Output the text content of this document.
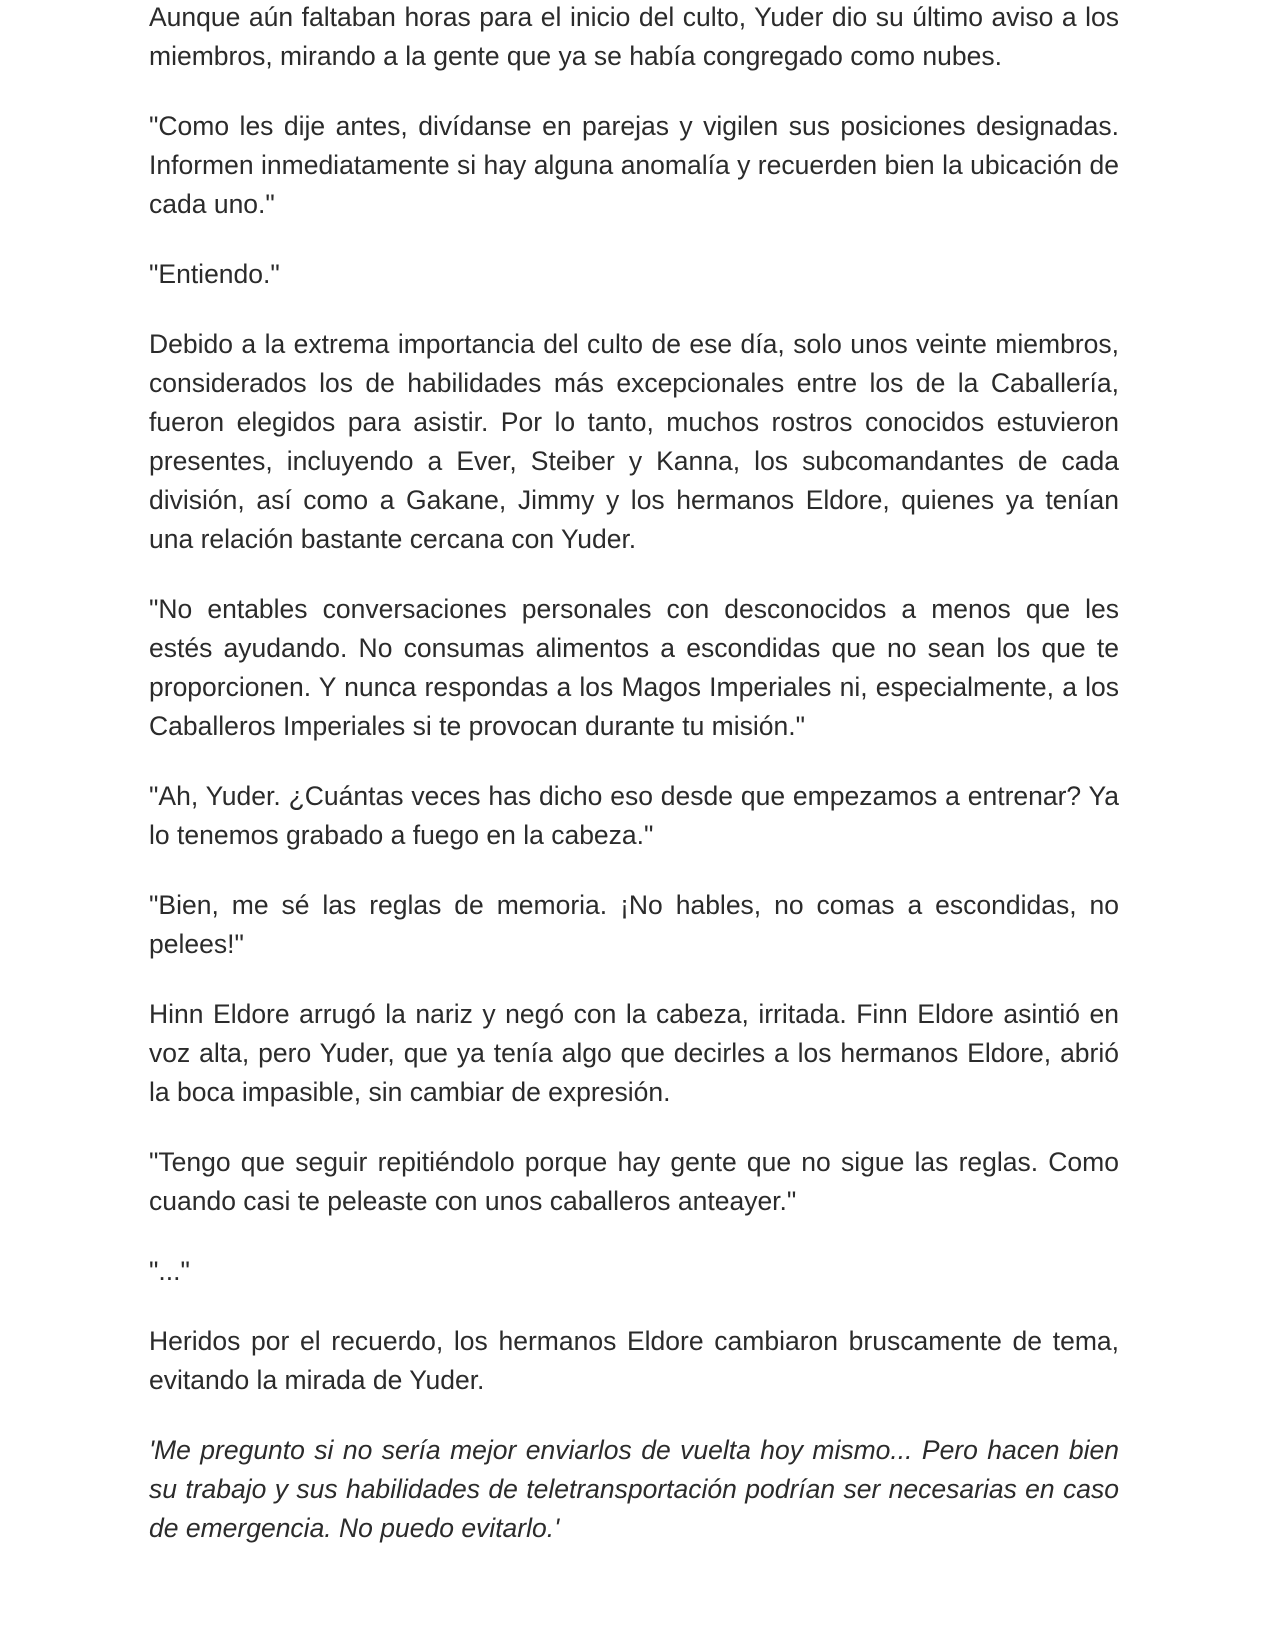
Aunque aún faltaban horas para el inicio del culto, Yuder dio su último aviso a los miembros, mirando a la gente que ya se había congregado como nubes.

"Como les dije antes, divídanse en parejas y vigilen sus posiciones designadas. Informen inmediatamente si hay alguna anomalía y recuerden bien la ubicación de cada uno."

"Entiendo."

Debido a la extrema importancia del culto de ese día, solo unos veinte miembros, considerados los de habilidades más excepcionales entre los de la Caballería, fueron elegidos para asistir. Por lo tanto, muchos rostros conocidos estuvieron presentes, incluyendo a Ever, Steiber y Kanna, los subcomandantes de cada división, así como a Gakane, Jimmy y los hermanos Eldore, quienes ya tenían una relación bastante cercana con Yuder.

"No entables conversaciones personales con desconocidos a menos que les estés ayudando. No consumas alimentos a escondidas que no sean los que te proporcionen. Y nunca respondas a los Magos Imperiales ni, especialmente, a los Caballeros Imperiales si te provocan durante tu misión."

"Ah, Yuder. ¿Cuántas veces has dicho eso desde que empezamos a entrenar? Ya lo tenemos grabado a fuego en la cabeza."

"Bien, me sé las reglas de memoria. ¡No hables, no comas a escondidas, no pelees!"

Hinn Eldore arrugó la nariz y negó con la cabeza, irritada. Finn Eldore asintió en voz alta, pero Yuder, que ya tenía algo que decirles a los hermanos Eldore, abrió la boca impasible, sin cambiar de expresión.

"Tengo que seguir repitiéndolo porque hay gente que no sigue las reglas. Como cuando casi te peleaste con unos caballeros anteayer."

"..."

Heridos por el recuerdo, los hermanos Eldore cambiaron bruscamente de tema, evitando la mirada de Yuder.

'Me pregunto si no sería mejor enviarlos de vuelta hoy mismo... Pero hacen bien su trabajo y sus habilidades de teletransportación podrían ser necesarias en caso de emergencia. No puedo evitarlo.'
